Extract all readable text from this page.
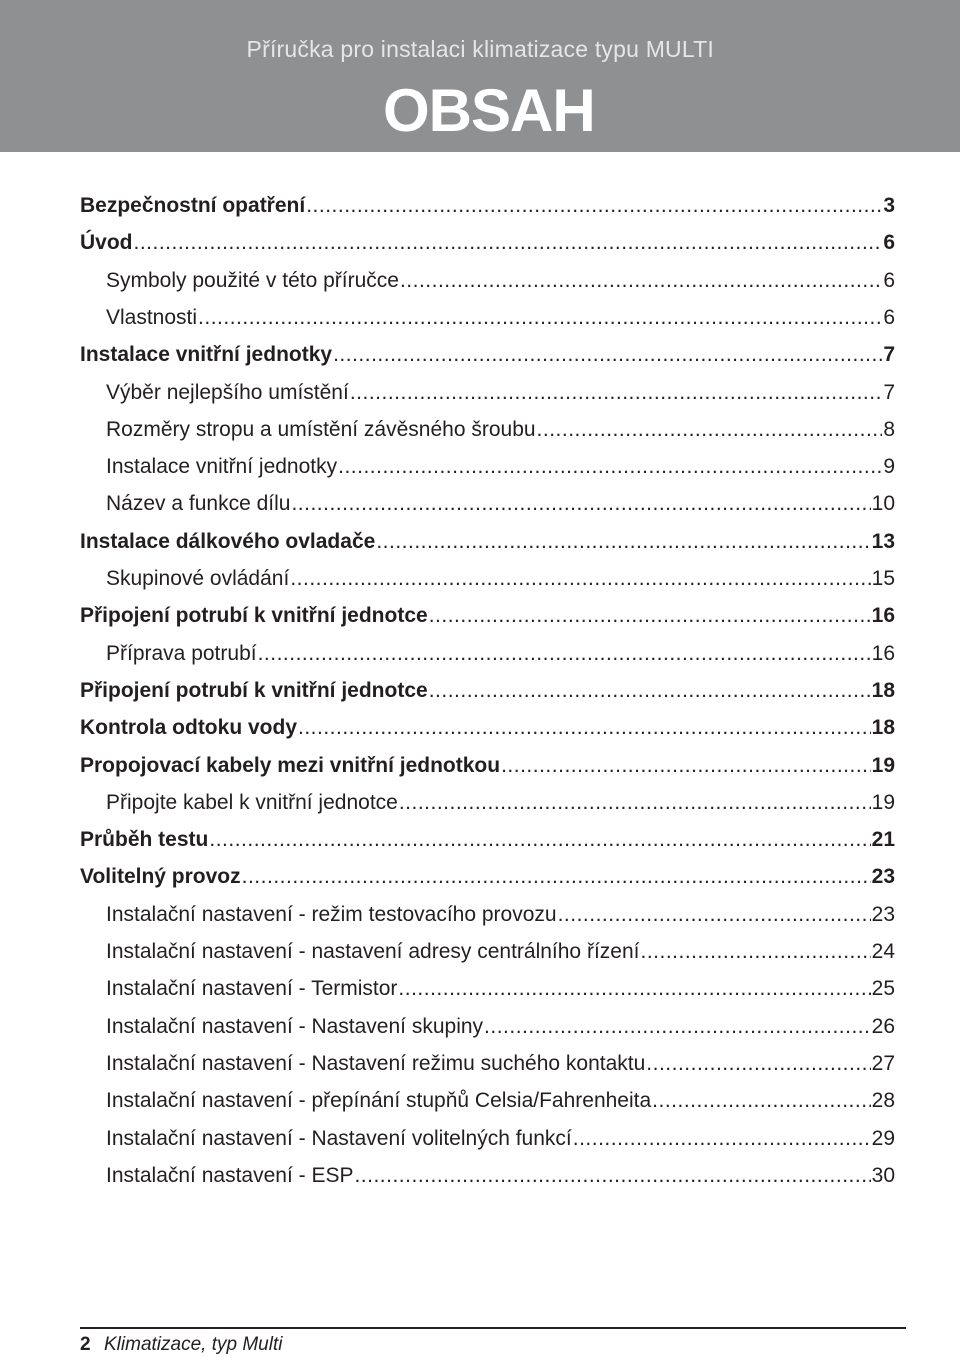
Příručka pro instalaci klimatizace typu MULTI
OBSAH
Bezpečnostní opatření .....	3
Úvod .....	6
Symboly použité v této příručce .....	6
Vlastnosti .....	6
Instalace vnitřní jednotky .....	7
Výběr nejlepšího umístění .....	7
Rozměry stropu a umístění závěsného šroubu .....	8
Instalace vnitřní jednotky .....	9
Název a funkce dílu .....	10
Instalace dálkového ovladače .....	13
Skupinové ovládání .....	15
Připojení potrubí k vnitřní jednotce .....	16
Příprava potrubí .....	16
Připojení potrubí k vnitřní jednotce .....	18
Kontrola odtoku vody .....	18
Propojovací kabely mezi vnitřní jednotkou .....	19
Připojte kabel k vnitřní jednotce .....	19
Průběh testu .....	21
Volitelný provoz .....	23
Instalační nastavení - režim testovacího provozu .....	23
Instalační nastavení - nastavení adresy centrálního řízení .....	24
Instalační nastavení - Termistor .....	25
Instalační nastavení - Nastavení skupiny .....	26
Instalační nastavení - Nastavení režimu suchého kontaktu .....	27
Instalační nastavení - přepínání stupňů Celsia/Fahrenheita .....	28
Instalační nastavení - Nastavení volitelných funkcí .....	29
Instalační nastavení - ESP .....	30
2 Klimatizace, typ Multi
